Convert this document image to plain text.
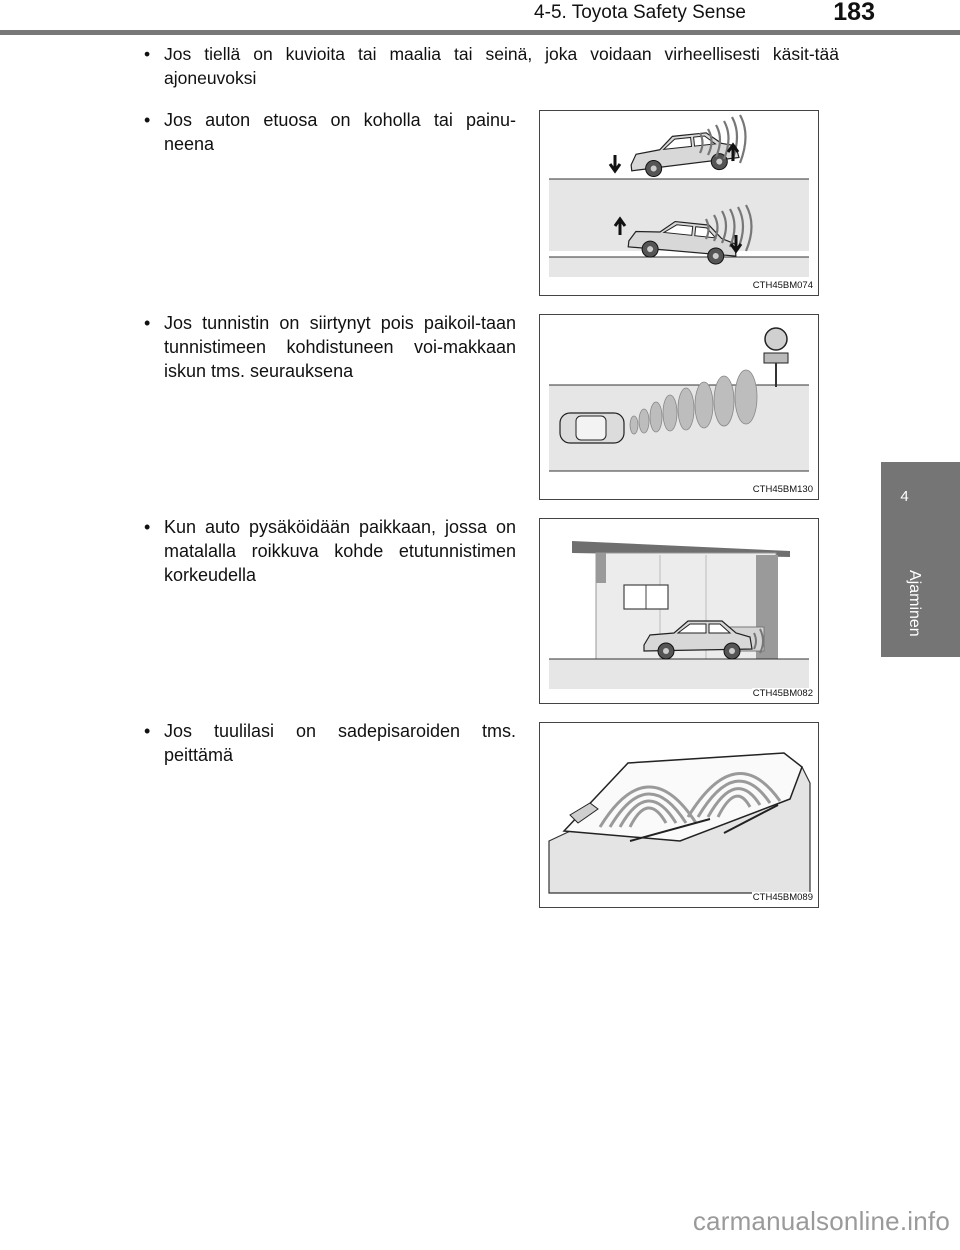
4-5. Toyota Safety Sense	183
4
Ajaminen
• Jos tiellä on kuvioita tai maalia tai seinä, joka voidaan virheellisesti käsit-tää ajoneuvoksi
• Jos auton etuosa on koholla tai painu-neena
CTH45BM074
• Jos tunnistin on siirtynyt pois paikoil-taan tunnistimeen kohdistuneen voi-makkaan iskun tms. seurauksena
CTH45BM130
• Kun auto pysäköidään paikkaan, jossa on matalalla roikkuva kohde etutunnistimen korkeudella
CTH45BM082
• Jos tuulilasi on sadepisaroiden tms. peittämä
CTH45BM089
carmanualsonline.info
